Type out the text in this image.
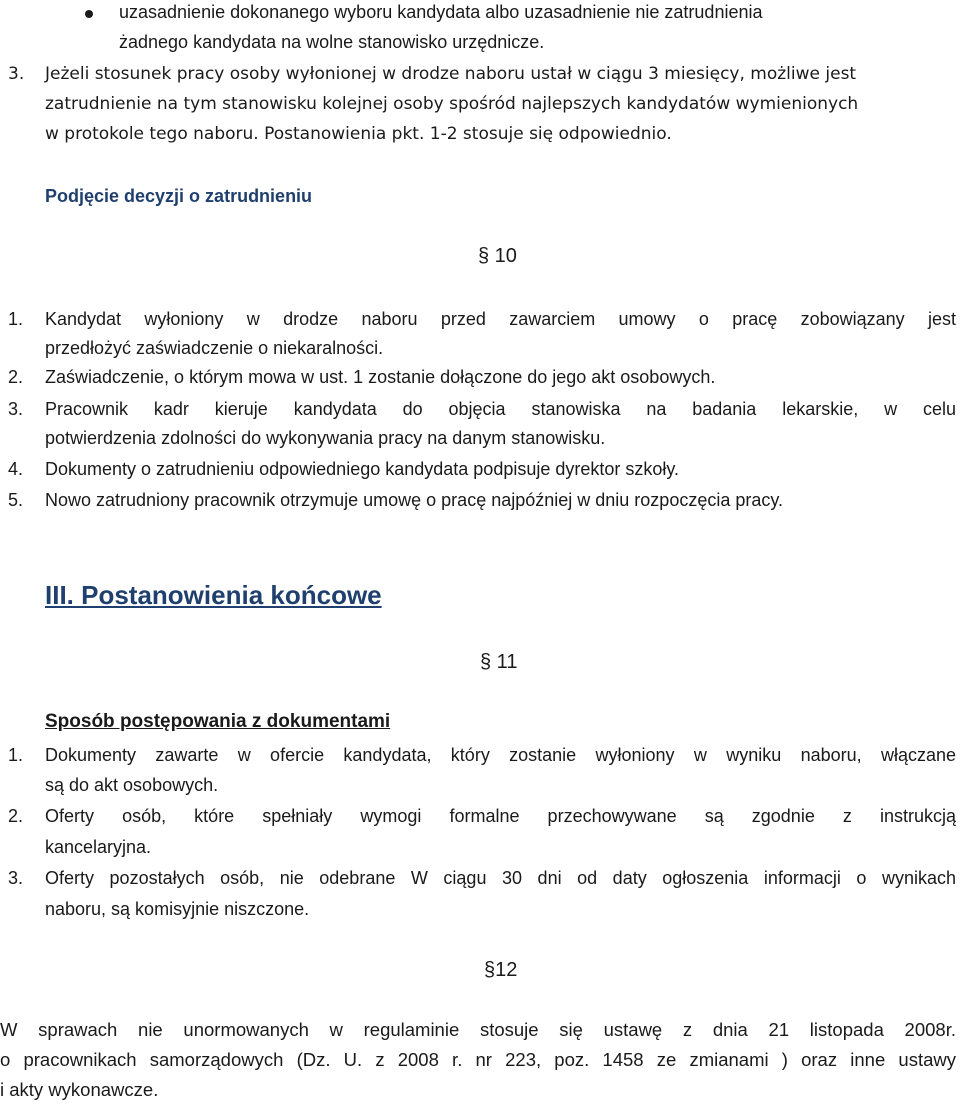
uzasadnienie dokonanego wyboru kandydata albo uzasadnienie nie zatrudnienia
żadnego kandydata na wolne stanowisko urzędnicze.
3. Jeżeli stosunek pracy osoby wyłonionej w drodze naboru ustał w ciągu 3 miesięcy, możliwe jest
zatrudnienie na tym stanowisku kolejnej osoby spośród najlepszych kandydatów wymienionych
w protokole tego naboru. Postanowienia pkt. 1-2 stosuje się odpowiednio.
Podjęcie decyzji o zatrudnieniu
§ 10
1. Kandydat wyłoniony w drodze naboru przed zawarciem umowy o pracę zobowiązany jest
przedłożyć zaświadczenie o niekaralności.
2. Zaświadczenie, o którym mowa w ust. 1 zostanie dołączone do jego akt osobowych.
3. Pracownik kadr kieruje kandydata do objęcia stanowiska na badania lekarskie, w celu
potwierdzenia zdolności do wykonywania pracy na danym stanowisku.
4. Dokumenty o zatrudnieniu odpowiedniego kandydata podpisuje dyrektor szkoły.
5. Nowo zatrudniony pracownik otrzymuje umowę o pracę najpóźniej w dniu rozpoczęcia pracy.
III. Postanowienia końcowe
§ 11
Sposób postępowania z dokumentami
1. Dokumenty zawarte w ofercie kandydata, który zostanie wyłoniony w wyniku naboru, włączane
są do akt osobowych.
2. Oferty osób, które spełniały wymogi formalne przechowywane są zgodnie z instrukcją
kancelaryjna.
3. Oferty pozostałych osób, nie odebrane W ciągu 30 dni od daty ogłoszenia informacji o wynikach
naboru, są komisyjnie niszczone.
§12
W sprawach nie unormowanych w regulaminie stosuje się ustawę z dnia 21 listopada 2008r.
o pracownikach samorządowych (Dz. U. z 2008 r. nr 223, poz. 1458 ze zmianami ) oraz inne ustawy
i akty wykonawcze.
